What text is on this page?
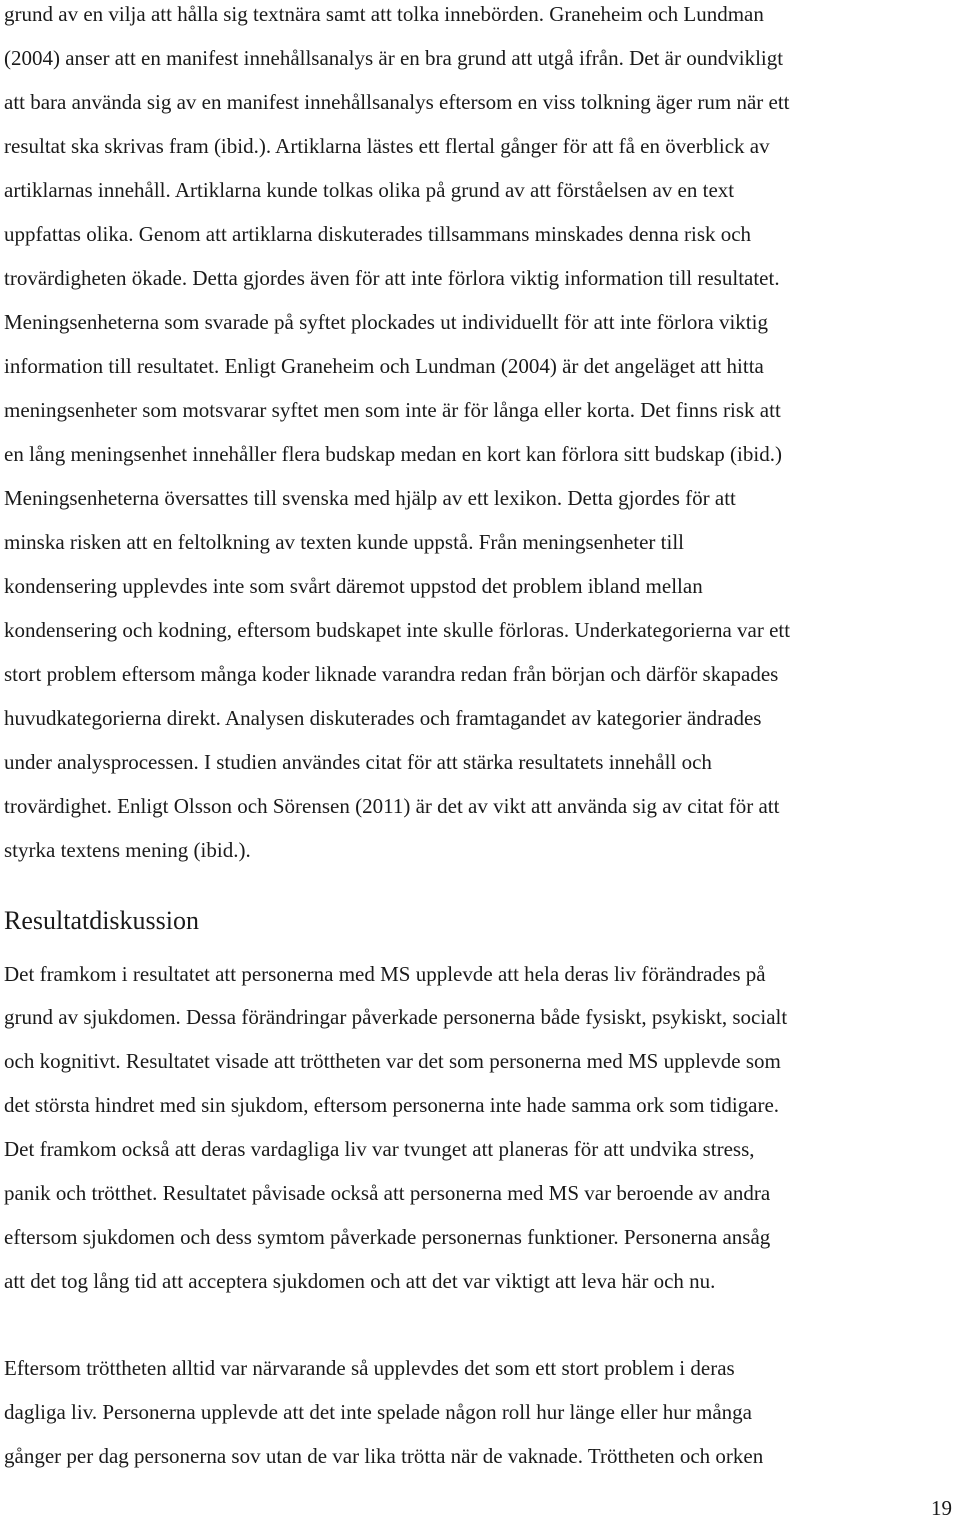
grund av en vilja att hålla sig textnära samt att tolka innebörden. Graneheim och Lundman
(2004) anser att en manifest innehållsanalys är en bra grund att utgå ifrån. Det är oundvikligt
att bara använda sig av en manifest innehållsanalys eftersom en viss tolkning äger rum när ett
resultat ska skrivas fram (ibid.). Artiklarna lästes ett flertal gånger för att få en överblick av
artiklarnas innehåll. Artiklarna kunde tolkas olika på grund av att förståelsen av en text
uppfattas olika. Genom att artiklarna diskuterades tillsammans minskades denna risk och
trovärdigheten ökade. Detta gjordes även för att inte förlora viktig information till resultatet.
Meningsenheterna som svarade på syftet plockades ut individuellt för att inte förlora viktig
information till resultatet. Enligt Graneheim och Lundman (2004) är det angeläget att hitta
meningsenheter som motsvarar syftet men som inte är för långa eller korta. Det finns risk att
en lång meningsenhet innehåller flera budskap medan en kort kan förlora sitt budskap (ibid.)
Meningsenheterna översattes till svenska med hjälp av ett lexikon. Detta gjordes för att
minska risken att en feltolkning av texten kunde uppstå. Från meningsenheter till
kondensering upplevdes inte som svårt däremot uppstod det problem ibland mellan
kondensering och kodning, eftersom budskapet inte skulle förloras. Underkategorierna var ett
stort problem eftersom många koder liknade varandra redan från början och därför skapades
huvudkategorierna direkt. Analysen diskuterades och framtagandet av kategorier ändrades
under analysprocessen. I studien användes citat för att stärka resultatets innehåll och
trovärdighet. Enligt Olsson och Sörensen (2011) är det av vikt att använda sig av citat för att
styrka textens mening (ibid.).
Resultatdiskussion
Det framkom i resultatet att personerna med MS upplevde att hela deras liv förändrades på
grund av sjukdomen. Dessa förändringar påverkade personerna både fysiskt, psykiskt, socialt
och kognitivt. Resultatet visade att tröttheten var det som personerna med MS upplevde som
det största hindret med sin sjukdom, eftersom personerna inte hade samma ork som tidigare.
Det framkom också att deras vardagliga liv var tvunget att planeras för att undvika stress,
panik och trötthet. Resultatet påvisade också att personerna med MS var beroende av andra
eftersom sjukdomen och dess symtom påverkade personernas funktioner. Personerna ansåg
att det tog lång tid att acceptera sjukdomen och att det var viktigt att leva här och nu.
Eftersom tröttheten alltid var närvarande så upplevdes det som ett stort problem i deras
dagliga liv. Personerna upplevde att det inte spelade någon roll hur länge eller hur många
gånger per dag personerna sov utan de var lika trötta när de vaknade. Tröttheten och orken
19
